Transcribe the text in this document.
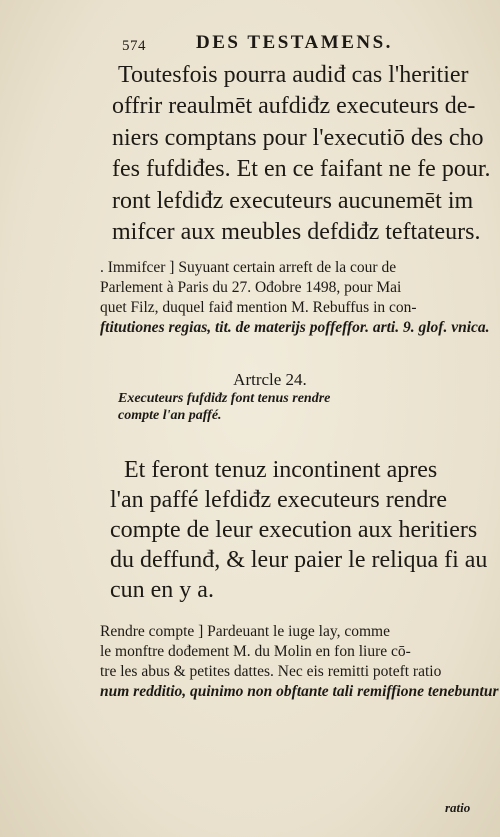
574	DES TESTAMENS.
Toutesfois pourra audiđ cas l'heritier
offrir reaulmēt aufdiđz executeurs de-
niers comptans pour l'executiō des cho
fes fufdiđes. Et en ce faifant ne fe pour.
ront lefdiđz executeurs aucunemēt im
mifcer aux meubles defdiđz teftateurs.
. Immifcer ] Suyuant certain arreft de la cour de
Parlement à Paris du 27. Ođobre 1498, pour Mai
quet Filz, duquel faiđ mention M. Rebuffus in con-
ftitutiones regias, tit. de materijs poffeffor. arti. 9. glof. vnica.
Artrcle 24.
Executeurs fufdiđz font tenus rendre
compte l'an paffé.
Et feront tenuz incontinent apres
l'an paffé lefdiđz executeurs rendre
compte de leur execution aux heritiers
du deffunđ, & leur paier le reliqua fi au
cun en y a.
Rendre compte ] Pardeuant le iuge lay, comme
le monftre dođement M. du Molin en fon liure cō-
tre les abus & petites dattes. Nec eis remitti poteft ratio
num redditio, quinimo non obftante tali remiffione tenebuntur
ratio
